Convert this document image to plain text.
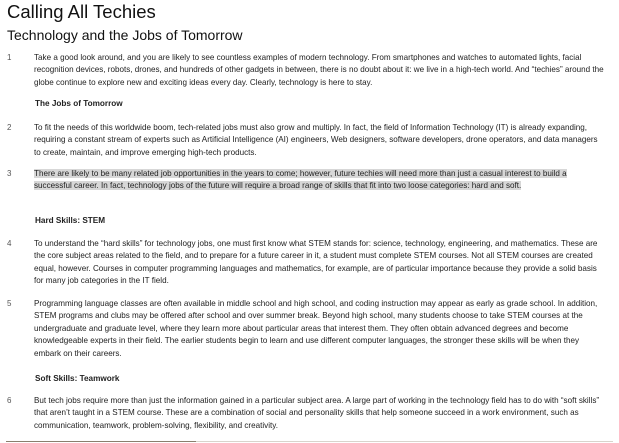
Calling All Techies
Technology and the Jobs of Tomorrow
1	Take a good look around, and you are likely to see countless examples of modern technology. From smartphones and watches to automated lights, facial recognition devices, robots, drones, and hundreds of other gadgets in between, there is no doubt about it: we live in a high-tech world. And “techies” around the globe continue to explore new and exciting ideas every day. Clearly, technology is here to stay.
The Jobs of Tomorrow
2	To fit the needs of this worldwide boom, tech-related jobs must also grow and multiply. In fact, the field of Information Technology (IT) is already expanding, requiring a constant stream of experts such as Artificial Intelligence (AI) engineers, Web designers, software developers, drone operators, and data managers to create, maintain, and improve emerging high-tech products.
3	There are likely to be many related job opportunities in the years to come; however, future techies will need more than just a casual interest to build a successful career. In fact, technology jobs of the future will require a broad range of skills that fit into two loose categories: hard and soft.
Hard Skills: STEM
4	To understand the “hard skills” for technology jobs, one must first know what STEM stands for: science, technology, engineering, and mathematics. These are the core subject areas related to the field, and to prepare for a future career in it, a student must complete STEM courses. Not all STEM courses are created equal, however. Courses in computer programming languages and mathematics, for example, are of particular importance because they provide a solid basis for many job categories in the IT field.
5	Programming language classes are often available in middle school and high school, and coding instruction may appear as early as grade school. In addition, STEM programs and clubs may be offered after school and over summer break. Beyond high school, many students choose to take STEM courses at the undergraduate and graduate level, where they learn more about particular areas that interest them. They often obtain advanced degrees and become knowledgeable experts in their field. The earlier students begin to learn and use different computer languages, the stronger these skills will be when they embark on their careers.
Soft Skills: Teamwork
6	But tech jobs require more than just the information gained in a particular subject area. A large part of working in the technology field has to do with “soft skills” that aren’t taught in a STEM course. These are a combination of social and personality skills that help someone succeed in a work environment, such as communication, teamwork, problem-solving, flexibility, and creativity.
